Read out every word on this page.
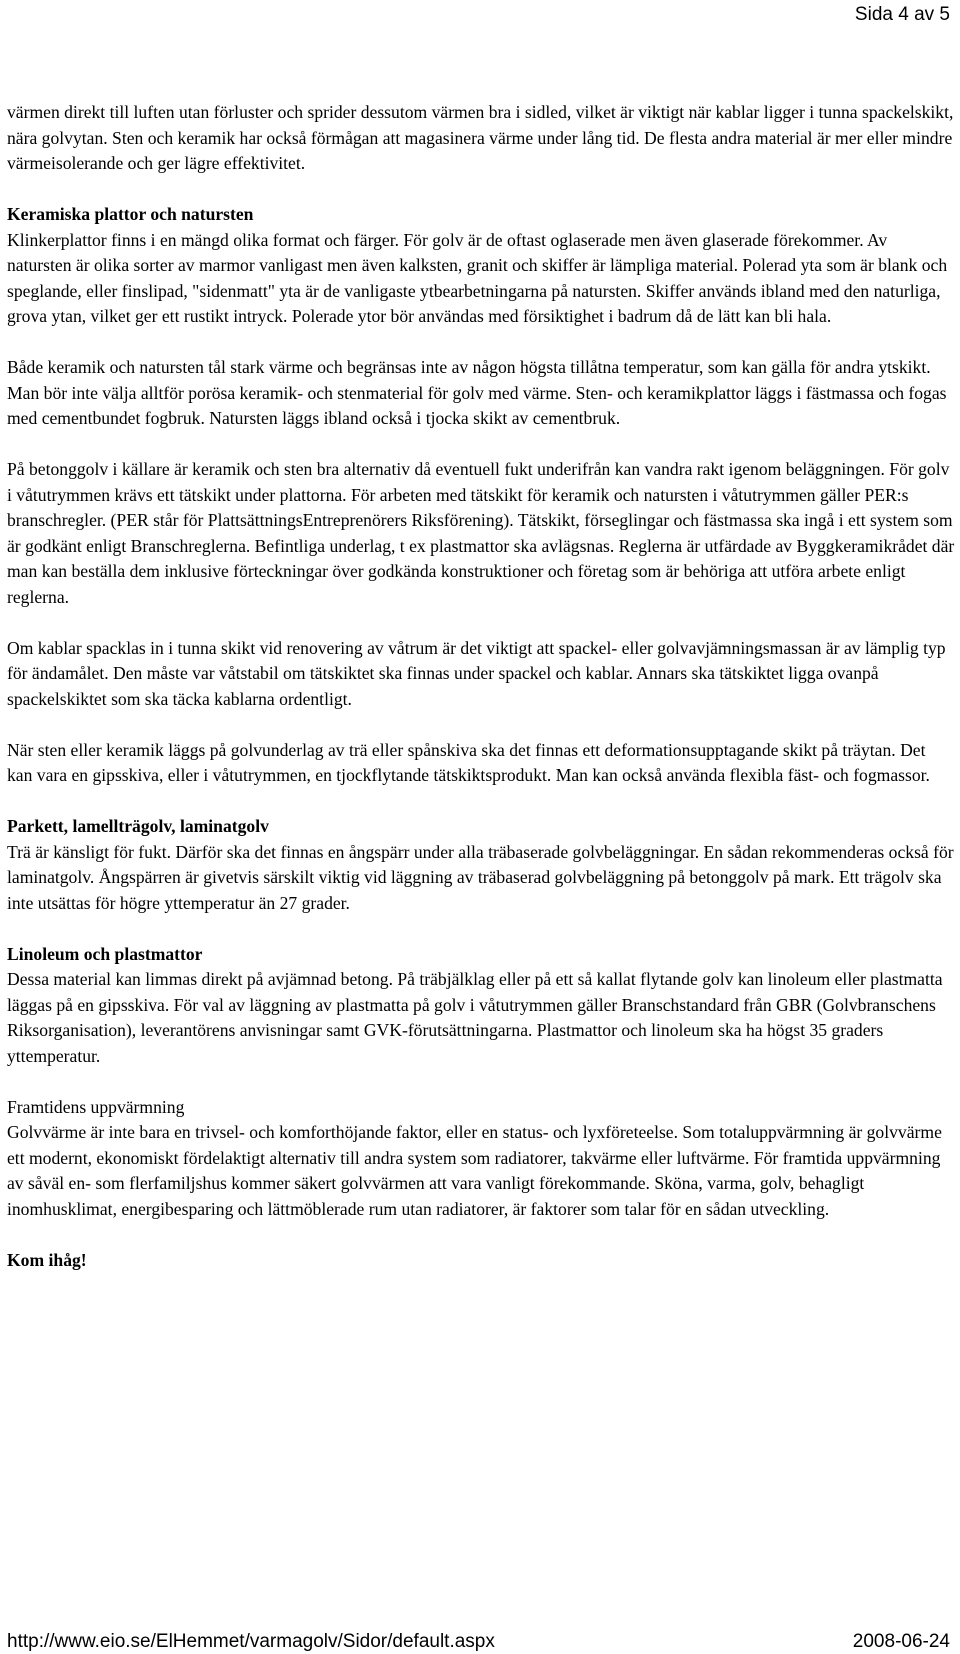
Sida 4 av 5

värmen direkt till luften utan förluster och sprider dessutom värmen bra i sidled, vilket är viktigt när kablar ligger i tunna spackelskikt, nära golvytan. Sten och keramik har också förmågan att magasinera värme under lång tid. De flesta andra material är mer eller mindre värmeisolerande och ger lägre effektivitet.

Keramiska plattor och natursten

Klinkerplattor finns i en mängd olika format och färger. För golv är de oftast oglaserade men även glaserade förekommer. Av natursten är olika sorter av marmor vanligast men även kalksten, granit och skiffer är lämpliga material. Polerad yta som är blank och speglande, eller finslipad, "sidenmatt" yta är de vanligaste ytbearbetningarna på natursten. Skiffer används ibland med den naturliga, grova ytan, vilket ger ett rustikt intryck. Polerade ytor bör användas med försiktighet i badrum då de lätt kan bli hala.

Både keramik och natursten tål stark värme och begränsas inte av någon högsta tillåtna temperatur, som kan gälla för andra ytskikt. Man bör inte välja alltför porösa keramik- och stenmaterial för golv med värme. Sten- och keramikplattor läggs i fästmassa och fogas med cementbundet fogbruk. Natursten läggs ibland också i tjocka skikt av cementbruk.

På betonggolv i källare är keramik och sten bra alternativ då eventuell fukt underifrån kan vandra rakt igenom beläggningen. För golv i våtutrymmen krävs ett tätskikt under plattorna. För arbeten med tätskikt för keramik och natursten i våtutrymmen gäller PER:s branschregler. (PER står för PlattsättningsEntreprenörers Riksförening). Tätskikt, förseglingar och fästmassa ska ingå i ett system som är godkänt enligt Branschreglerna. Befintliga underlag, t ex plastmattor ska avlägsnas. Reglerna är utfärdade av Byggkeramikrådet där man kan beställa dem inklusive förteckningar över godkända konstruktioner och företag som är behöriga att utföra arbete enligt reglerna.

Om kablar spacklas in i tunna skikt vid renovering av våtrum är det viktigt att spackel- eller golvavjämningsmassan är av lämplig typ för ändamålet. Den måste var våtstabil om tätskiktet ska finnas under spackel och kablar. Annars ska tätskiktet ligga ovanpå spackelskiktet som ska täcka kablarna ordentligt.

När sten eller keramik läggs på golvunderlag av trä eller spånskiva ska det finnas ett deformationsupptagande skikt på träytan. Det kan vara en gipsskiva, eller i våtutrymmen, en tjockflytande tätskiktsprodukt. Man kan också använda flexibla fäst- och fogmassor.

Parkett, lamellträgolv, laminatgolv

Trä är känsligt för fukt. Därför ska det finnas en ångspärr under alla träbaserade golvbeläggningar. En sådan rekommenderas också för laminatgolv. Ångspärren är givetvis särskilt viktig vid läggning av träbaserad golvbeläggning på betonggolv på mark. Ett trägolv ska inte utsättas för högre yttemperatur än 27 grader.

Linoleum och plastmattor

Dessa material kan limmas direkt på avjämnad betong. På träbjälklag eller på ett så kallat flytande golv kan linoleum eller plastmatta läggas på en gipsskiva. För val av läggning av plastmatta på golv i våtutrymmen gäller Branschstandard från GBR (Golvbranschens Riksorganisation), leverantörens anvisningar samt GVK-förutsättningarna. Plastmattor och linoleum ska ha högst 35 graders yttemperatur.

Framtidens uppvärmning

Golvvärme är inte bara en trivsel- och komforthöjande faktor, eller en status- och lyxföreteelse. Som totaluppvärmning är golvvärme ett modernt, ekonomiskt fördelaktigt alternativ till andra system som radiatorer, takvärme eller luftvärme. För framtida uppvärmning av såväl en- som flerfamiljshus kommer säkert golvvärmen att vara vanligt förekommande. Sköna, varma, golv, behagligt inomhusklimat, energibesparing och lättmöblerade rum utan radiatorer, är faktorer som talar för en sådan utveckling.

Kom ihåg!
http://www.eio.se/ElHemmet/varmagolv/Sidor/default.aspx	2008-06-24
